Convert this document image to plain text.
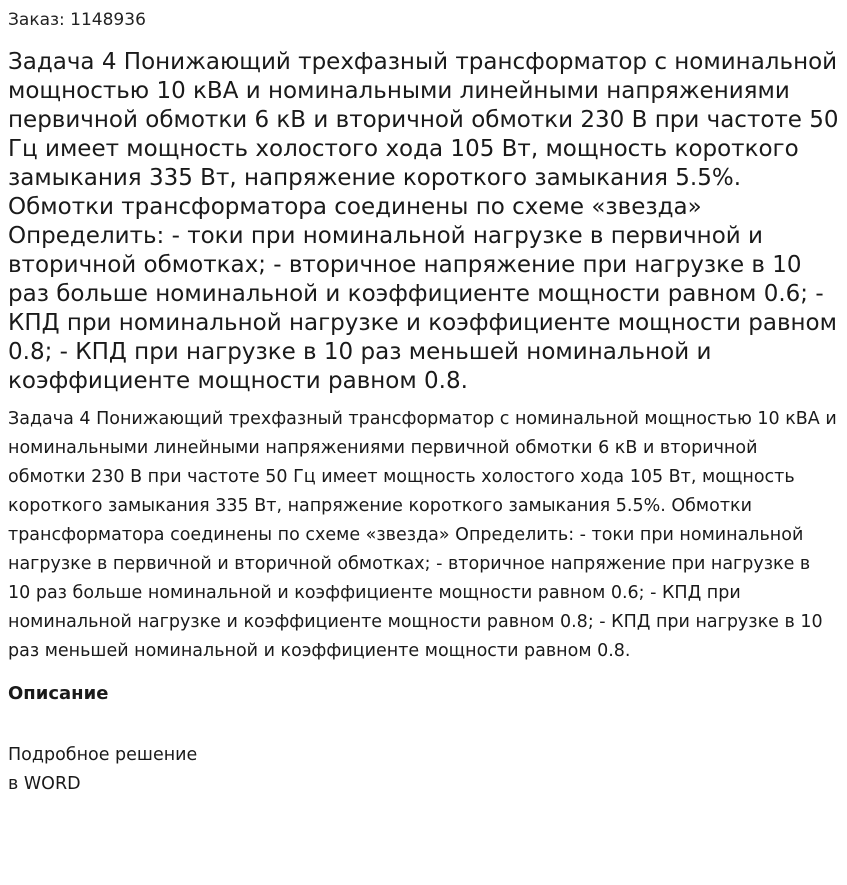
Заказ: 1148936

Задача 4 Понижающий трехфазный трансформатор с номинальной мощностью 10 кВА и номинальными линейными напряжениями первичной обмотки 6 кВ и вторичной обмотки 230 В при частоте 50 Гц имеет мощность холостого хода 105 Вт, мощность короткого замыкания 335 Вт, напряжение короткого замыкания 5.5%. Обмотки трансформатора соединены по схеме «звезда» Определить: - токи при номинальной нагрузке в первичной и вторичной обмотках; - вторичное напряжение при нагрузке в 10 раз больше номинальной и коэффициенте мощности равном 0.6; - КПД при номинальной нагрузке и коэффициенте мощности равном 0.8; - КПД при нагрузке в 10 раз меньшей номинальной и коэффициенте мощности равном 0.8.

Задача 4 Понижающий трехфазный трансформатор с номинальной мощностью 10 кВА и номинальными линейными напряжениями первичной обмотки 6 кВ и вторичной обмотки 230 В при частоте 50 Гц имеет мощность холостого хода 105 Вт, мощность короткого замыкания 335 Вт, напряжение короткого замыкания 5.5%. Обмотки трансформатора соединены по схеме «звезда» Определить: - токи при номинальной нагрузке в первичной и вторичной обмотках; - вторичное напряжение при нагрузке в 10 раз больше номинальной и коэффициенте мощности равном 0.6; - КПД при номинальной нагрузке и коэффициенте мощности равном 0.8; - КПД при нагрузке в 10 раз меньшей номинальной и коэффициенте мощности равном 0.8.

Описание

Подробное решение в WORD
